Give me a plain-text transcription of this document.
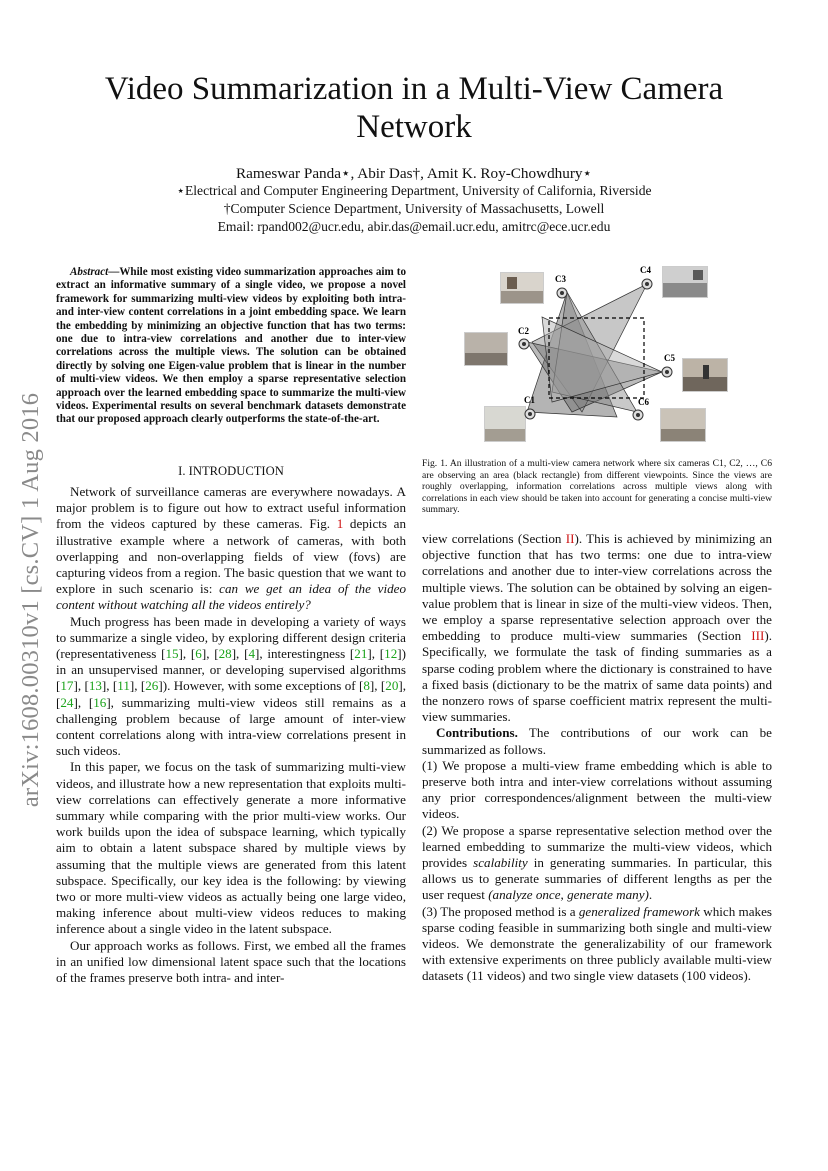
arXiv:1608.00310v1 [cs.CV] 1 Aug 2016
Video Summarization in a Multi-View Camera Network
Rameswar Panda⋆, Abir Das†, Amit K. Roy-Chowdhury⋆
⋆Electrical and Computer Engineering Department, University of California, Riverside
†Computer Science Department, University of Massachusetts, Lowell
Email: rpand002@ucr.edu, abir.das@email.ucr.edu, amitrc@ece.ucr.edu
Abstract—While most existing video summarization approaches aim to extract an informative summary of a single video, we propose a novel framework for summarizing multi-view videos by exploiting both intra- and inter-view content correlations in a joint embedding space. We learn the embedding by minimizing an objective function that has two terms: one due to intra-view correlations and another due to inter-view correlations across the multiple views. The solution can be obtained directly by solving one Eigen-value problem that is linear in the number of multi-view videos. We then employ a sparse representative selection approach over the learned embedding space to summarize the multi-view videos. Experimental results on several benchmark datasets demonstrate that our proposed approach clearly outperforms the state-of-the-art.
I. INTRODUCTION

Network of surveillance cameras are everywhere nowadays. A major problem is to figure out how to extract useful information from the videos captured by these cameras. Fig. 1 depicts an illustrative example where a network of cameras, with both overlapping and non-overlapping fields of view (fovs) are capturing videos from a region. The basic question that we want to explore in such scenario is: can we get an idea of the video content without watching all the videos entirely?

Much progress has been made in developing a variety of ways to summarize a single video, by exploring different design criteria (representativeness [15], [6], [28], [4], interestingness [21], [12]) in an unsupervised manner, or developing supervised algorithms [17], [13], [11], [26]). However, with some exceptions of [8], [20], [24], [16], summarizing multi-view videos still remains as a challenging problem because of large amount of inter-view content correlations along with intra-view correlations present in such videos.

In this paper, we focus on the task of summarizing multi-view videos, and illustrate how a new representation that exploits multi-view correlations can effectively generate a more informative summary while comparing with the prior multi-view works. Our work builds upon the idea of subspace learning, which typically aim to obtain a latent subspace shared by multiple views by assuming that the multiple views are generated from this latent subspace. Specifically, our key idea is the following: by viewing two or more multi-view videos as actually being one large video, making inference about multi-view videos reduces to making inference about a single video in the latent subspace.

Our approach works as follows. First, we embed all the frames in an unified low dimensional latent space such that the locations of the frames preserve both intra- and inter-

C3
C4
C2
C5
C1	C6
Fig. 1. An illustration of a multi-view camera network where six cameras C1, C2, …, C6 are observing an area (black rectangle) from different viewpoints. Since the views are roughly overlapping, information correlations across multiple views along with correlations in each view should be taken into account for generating a concise multi-view summary.

view correlations (Section II). This is achieved by minimizing an objective function that has two terms: one due to intra-view correlations and another due to inter-view correlations across the multiple views. The solution can be obtained by solving an eigen-value problem that is linear in size of the multi-view videos. Then, we employ a sparse representative selection approach over the embedding to produce multi-view summaries (Section III). Specifically, we formulate the task of finding summaries as a sparse coding problem where the dictionary is constrained to have a fixed basis (dictionary to be the matrix of same data points) and the nonzero rows of sparse coefficient matrix represent the multi-view summaries.

Contributions. The contributions of our work can be summarized as follows.

(1) We propose a multi-view frame embedding which is able to preserve both intra and inter-view correlations without assuming any prior correspondences/alignment between the multi-view videos.

(2) We propose a sparse representative selection method over the learned embedding to summarize the multi-view videos, which provides scalability in generating summaries. In particular, this allows us to generate summaries of different lengths as per the user request (analyze once, generate many).

(3) The proposed method is a generalized framework which makes sparse coding feasible in summarizing both single and multi-view videos. We demonstrate the generalizability of our framework with extensive experiments on three publicly available multi-view datasets (11 videos) and two single view datasets (100 videos).
